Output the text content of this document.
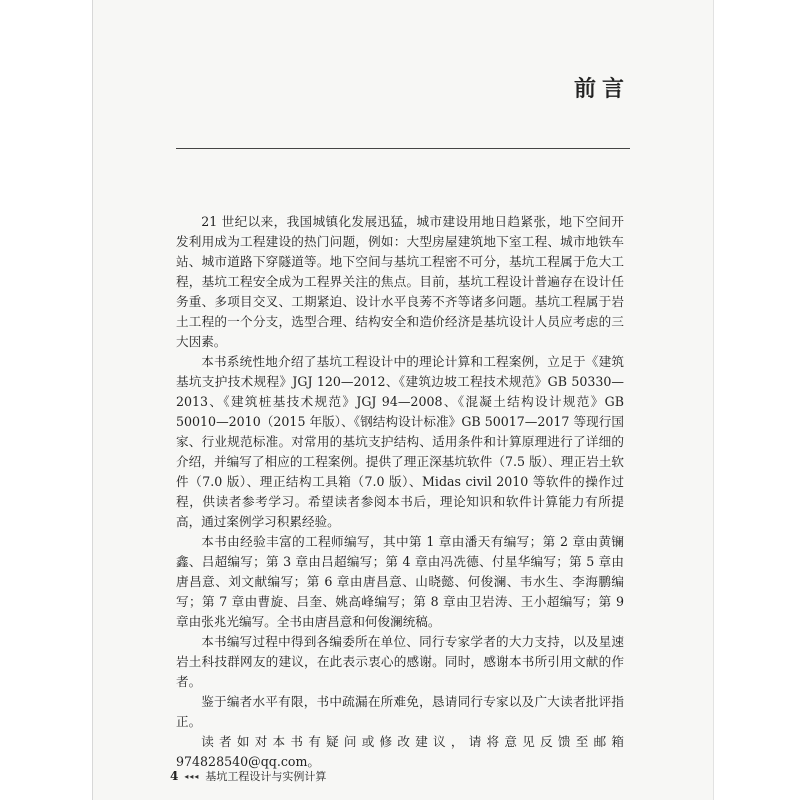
前言

21 世纪以来，我国城镇化发展迅猛，城市建设用地日趋紧张，地下空间开发利用成为工程建设的热门问题，例如：大型房屋建筑地下室工程、城市地铁车站、城市道路下穿隧道等。地下空间与基坑工程密不可分，基坑工程属于危大工程，基坑工程安全成为工程界关注的焦点。目前，基坑工程设计普遍存在设计任务重、多项目交叉、工期紧迫、设计水平良莠不齐等诸多问题。基坑工程属于岩土工程的一个分支，选型合理、结构安全和造价经济是基坑设计人员应考虑的三大因素。

本书系统性地介绍了基坑工程设计中的理论计算和工程案例，立足于《建筑基坑支护技术规程》JGJ 120—2012、《建筑边坡工程技术规范》GB 50330—2013、《建筑桩基技术规范》JGJ 94—2008、《混凝土结构设计规范》GB 50010—2010（2015 年版）、《钢结构设计标准》GB 50017—2017 等现行国家、行业规范标准。对常用的基坑支护结构、适用条件和计算原理进行了详细的介绍，并编写了相应的工程案例。提供了理正深基坑软件（7.5 版）、理正岩土软件（7.0 版）、理正结构工具箱（7.0 版）、Midas civil 2010 等软件的操作过程，供读者参考学习。希望读者参阅本书后，理论知识和软件计算能力有所提高，通过案例学习积累经验。

本书由经验丰富的工程师编写，其中第 1 章由潘天有编写；第 2 章由黄镧鑫、吕超编写；第 3 章由吕超编写；第 4 章由冯冼德、付星华编写；第 5 章由唐昌意、刘文献编写；第 6 章由唐昌意、山晓懿、何俊澜、韦水生、李海鹏编写；第 7 章由曹旋、吕奎、姚高峰编写；第 8 章由卫岩涛、王小超编写；第 9 章由张兆光编写。全书由唐昌意和何俊澜统稿。

本书编写过程中得到各编委所在单位、同行专家学者的大力支持，以及星速岩土科技群网友的建议，在此表示衷心的感谢。同时，感谢本书所引用文献的作者。

鉴于编者水平有限，书中疏漏在所难免，恳请同行专家以及广大读者批评指正。

读者如对本书有疑问或修改建议，请将意见反馈至邮箱 974828540@qq.com。

4 ◂◂◂ 基坑工程设计与实例计算
